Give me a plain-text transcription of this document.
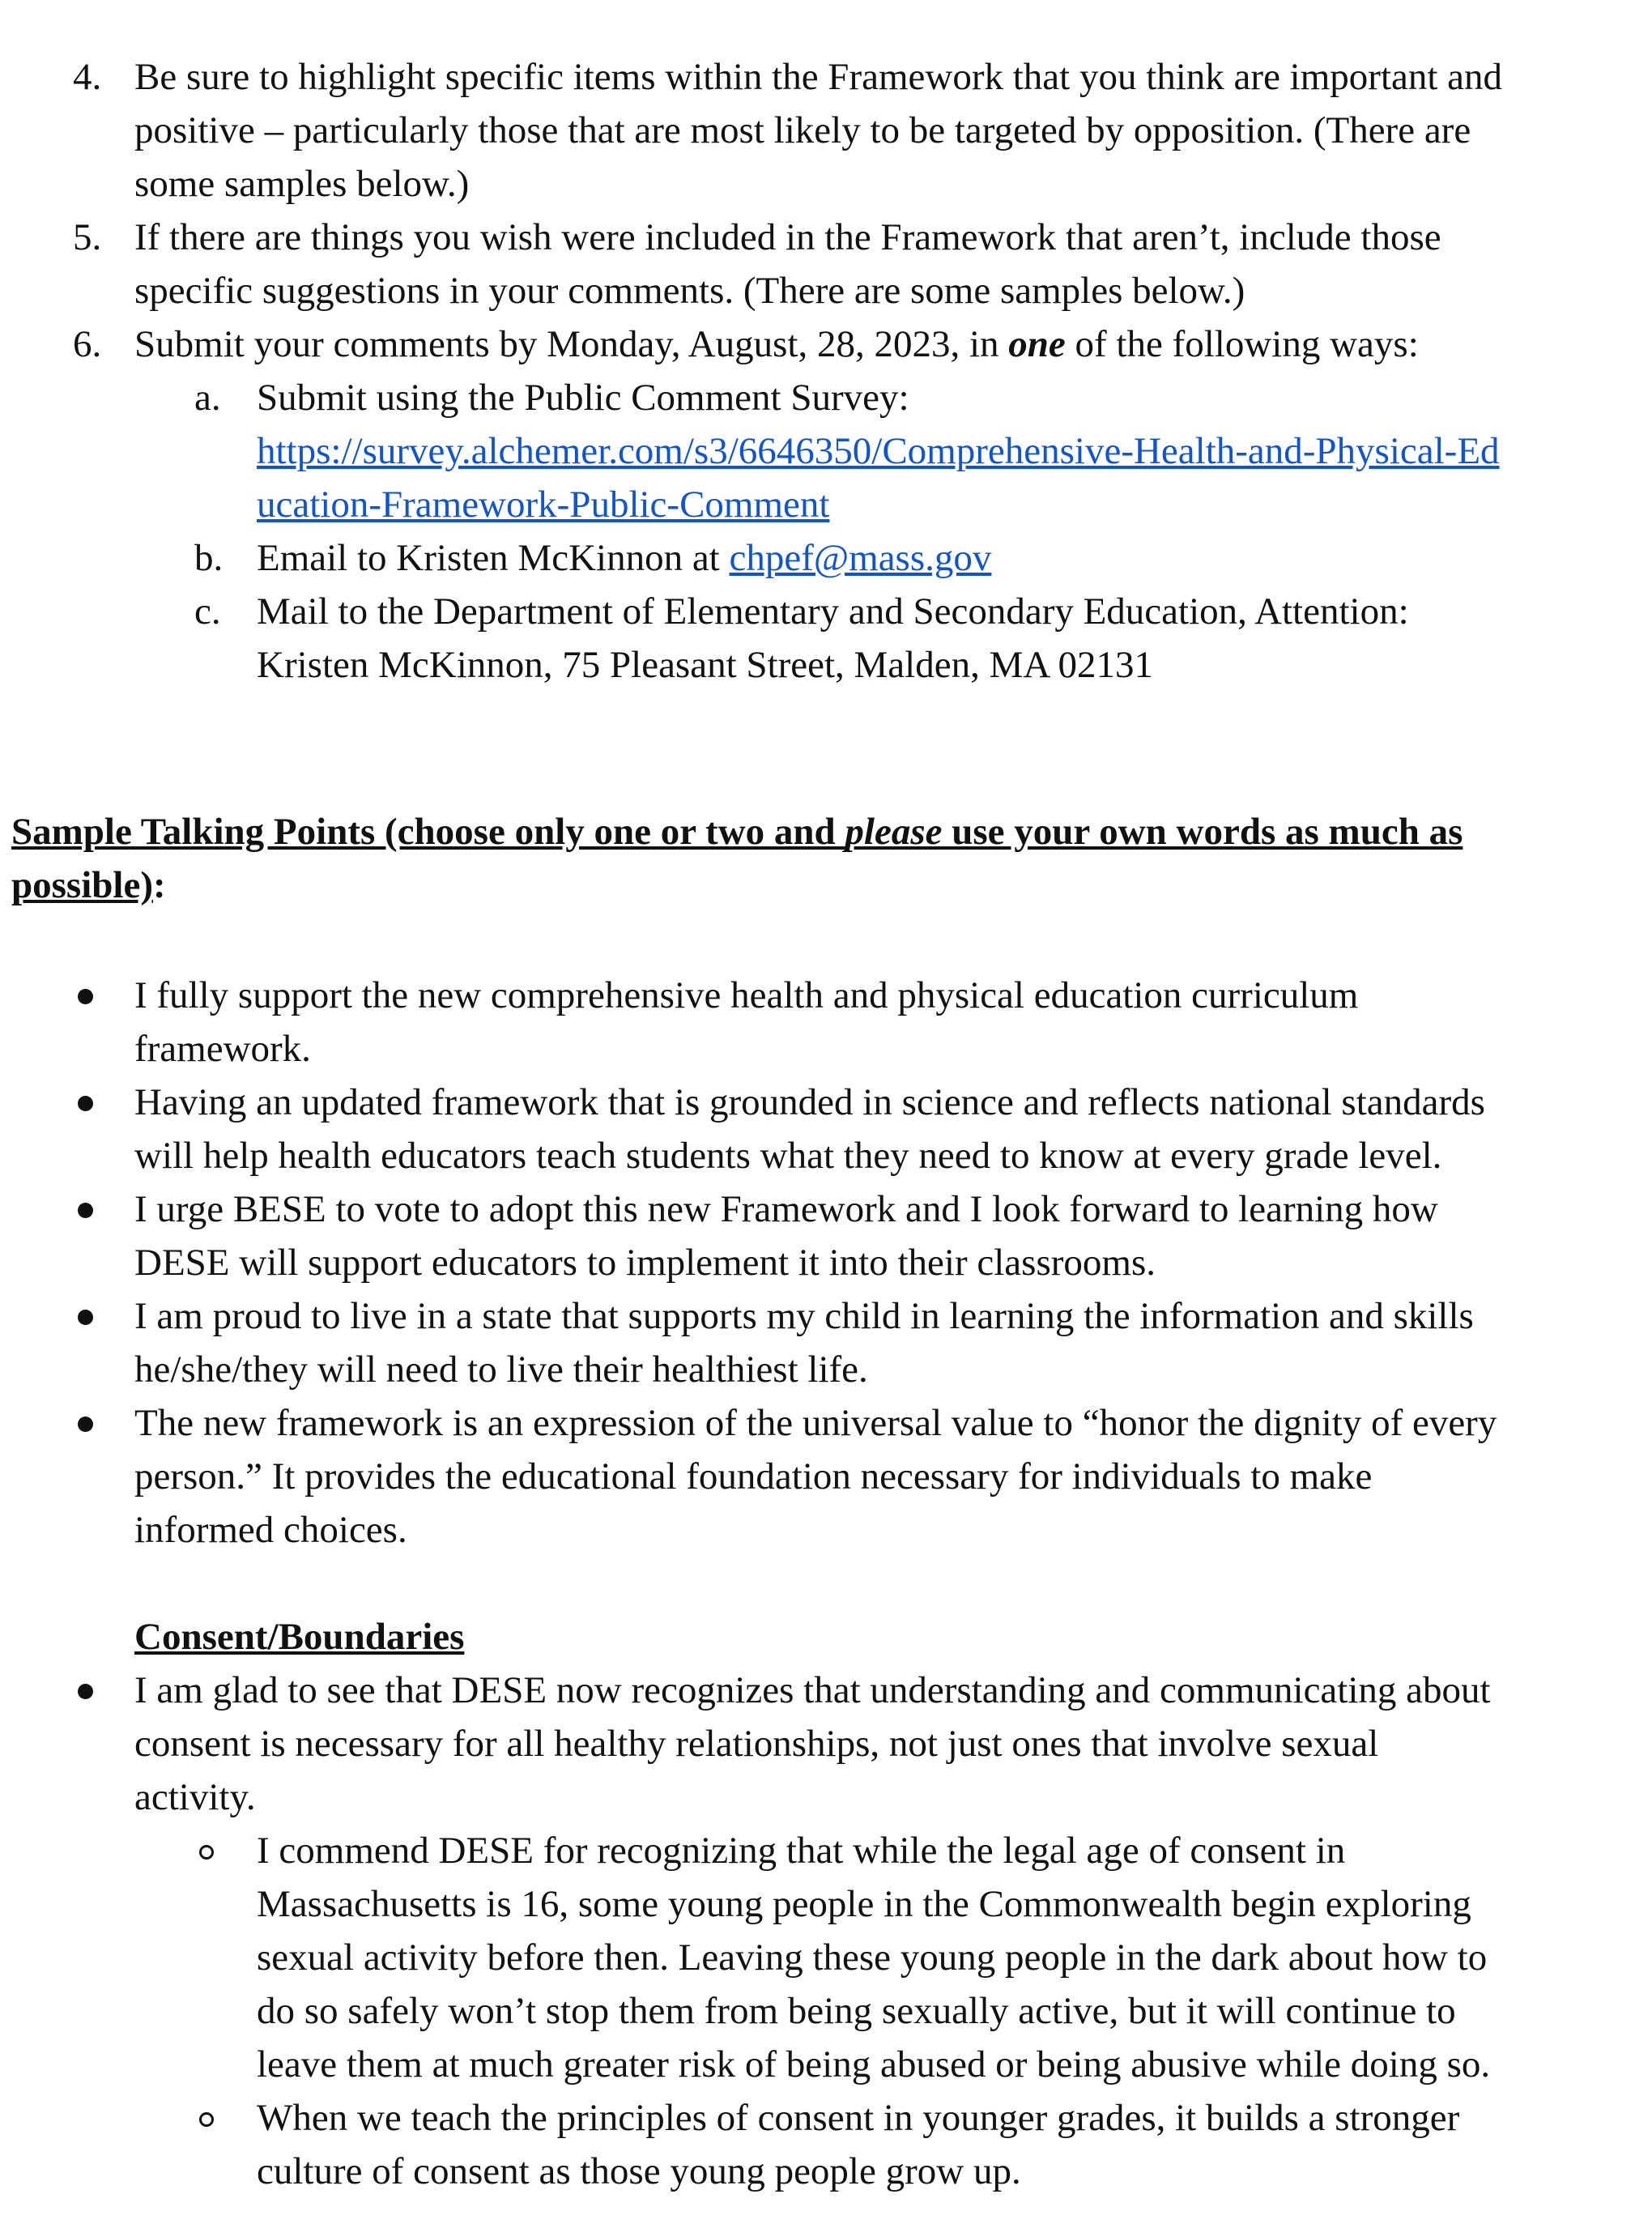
4. Be sure to highlight specific items within the Framework that you think are important and
positive – particularly those that are most likely to be targeted by opposition. (There are
some samples below.)
5. If there are things you wish were included in the Framework that aren’t, include those
specific suggestions in your comments. (There are some samples below.)
6. Submit your comments by Monday, August, 28, 2023, in one of the following ways:
a. Submit using the Public Comment Survey:
https://survey.alchemer.com/s3/6646350/Comprehensive-Health-and-Physical-Ed
ucation-Framework-Public-Comment
b. Email to Kristen McKinnon at chpef@mass.gov
c. Mail to the Department of Elementary and Secondary Education, Attention:
Kristen McKinnon, 75 Pleasant Street, Malden, MA 02131
Sample Talking Points (choose only one or two and please use your own words as much as
possible):
I fully support the new comprehensive health and physical education curriculum
framework.
Having an updated framework that is grounded in science and reflects national standards
will help health educators teach students what they need to know at every grade level.
I urge BESE to vote to adopt this new Framework and I look forward to learning how
DESE will support educators to implement it into their classrooms.
I am proud to live in a state that supports my child in learning the information and skills
he/she/they will need to live their healthiest life.
The new framework is an expression of the universal value to “honor the dignity of every
person.” It provides the educational foundation necessary for individuals to make
informed choices.
Consent/Boundaries
I am glad to see that DESE now recognizes that understanding and communicating about
consent is necessary for all healthy relationships, not just ones that involve sexual
activity.
I commend DESE for recognizing that while the legal age of consent in
Massachusetts is 16, some young people in the Commonwealth begin exploring
sexual activity before then. Leaving these young people in the dark about how to
do so safely won’t stop them from being sexually active, but it will continue to
leave them at much greater risk of being abused or being abusive while doing so.
When we teach the principles of consent in younger grades, it builds a stronger
culture of consent as those young people grow up.
